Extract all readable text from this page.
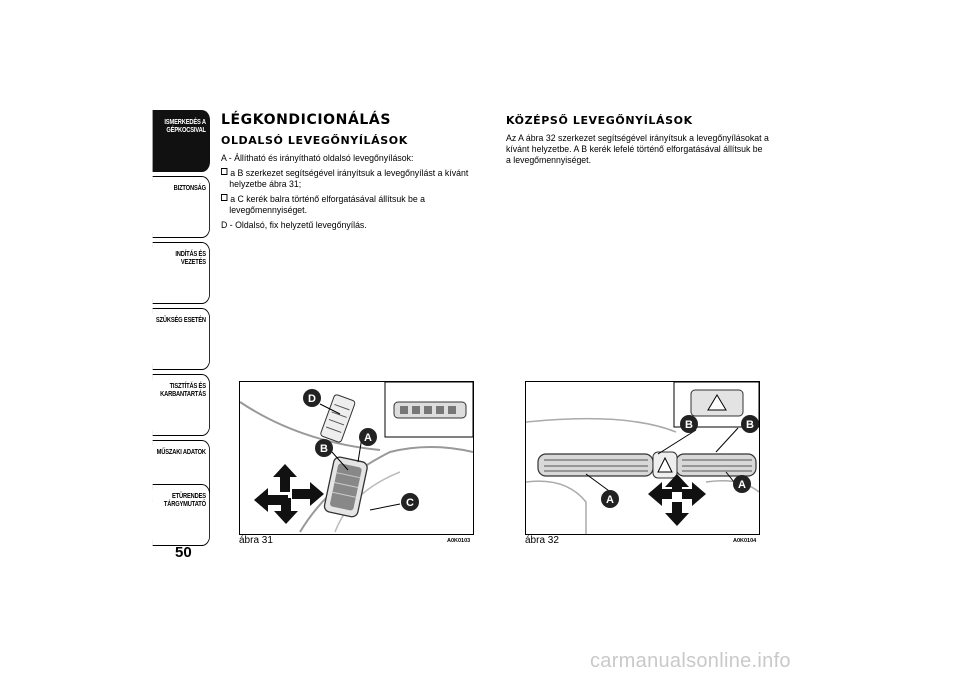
ISMERKEDÉS A
GÉPKOCSIVAL
BIZTONSÁG
INDÍTÁS ÉS VEZETÉS
SZÜKSÉG ESETÉN
TISZTÍTÁS ÉS
KARBANTARTÁS
MŰSZAKI ADATOK
ETÜRENDES
TÁRGYMUTATÓ
50
LÉGKONDICIONÁLÁS
OLDALSÓ LEVEGŐNYÍLÁSOK

A - Állítható és irányítható oldalsó levegőnyílások:

a B szerkezet segítségével irányítsuk a levegőnyílást a kívánt helyzetbe ábra 31;

a C kerék balra történő elforgatásával állítsuk be a levegőmennyiséget.

D - Oldalsó, fix helyzetű levegőnyílás.

KÖZÉPSŐ LEVEGŐNYÍLÁSOK

Az A ábra 32 szerkezet segítségével irányítsuk a levegőnyílásokat a kívánt helyzetbe. A B kerék lefelé történő elforgatásával állítsuk be a levegőmennyiséget.

D
A
B
C
ábra 31	A0K0103
B	B
A
A
ábra 32	A0K0104
carmanualsonline.info
